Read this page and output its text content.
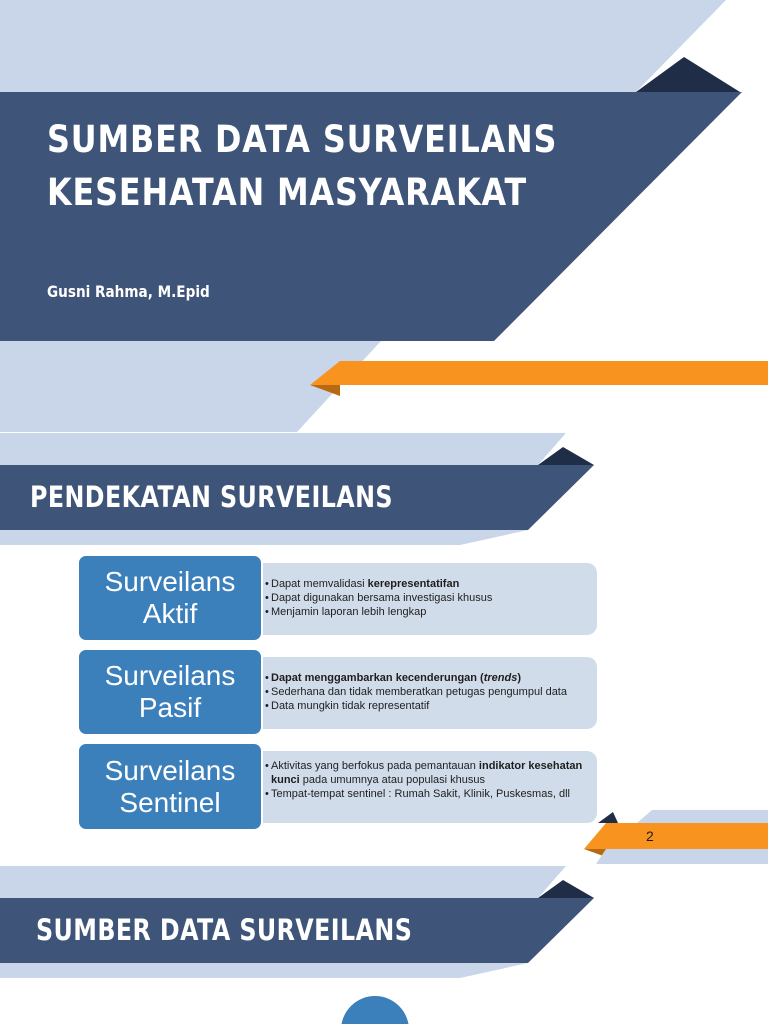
SUMBER DATA SURVEILANS
KESEHATAN MASYARAKAT
Gusni Rahma, M.Epid
PENDEKATAN SURVEILANS
Surveilans
Aktif
• Dapat memvalidasi kerepresentatifan
• Dapat digunakan bersama investigasi khusus
• Menjamin laporan lebih lengkap
Surveilans
Pasif
• Dapat menggambarkan kecenderungan (trends)
• Sederhana dan tidak memberatkan petugas pengumpul data
• Data mungkin tidak representatif
Surveilans
Sentinel
• Aktivitas yang berfokus pada pemantauan indikator kesehatan kunci pada umumnya atau populasi khusus
• Tempat-tempat sentinel : Rumah Sakit, Klinik, Puskesmas, dll
2
SUMBER DATA SURVEILANS
